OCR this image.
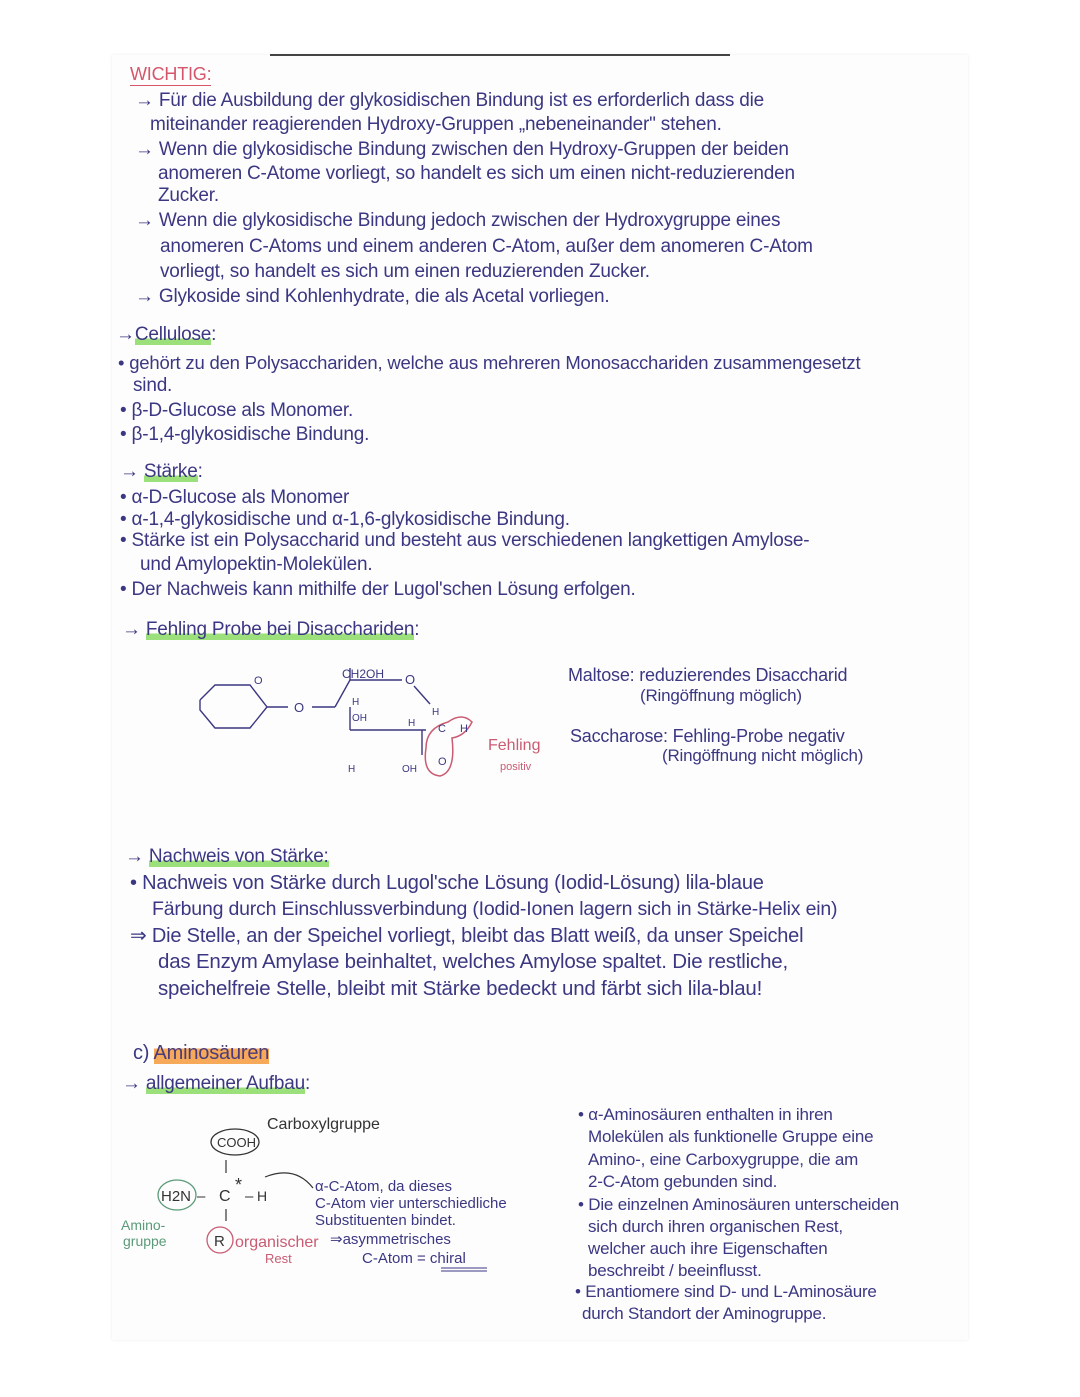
WICHTIG:
→ Für die Ausbildung der glykosidischen Bindung ist es erforderlich dass die
miteinander reagierenden Hydroxy-Gruppen „nebeneinander" stehen.
→ Wenn die glykosidische Bindung zwischen den Hydroxy-Gruppen der beiden
anomeren C-Atome vorliegt, so handelt es sich um einen nicht-reduzierenden
Zucker.
→ Wenn die glykosidische Bindung jedoch zwischen der Hydroxygruppe eines
anomeren C-Atoms und einem anderen C-Atom, außer dem anomeren C-Atom
vorliegt, so handelt es sich um einen reduzierenden Zucker.
→ Glykoside sind Kohlenhydrate, die als Acetal vorliegen.
→Cellulose:
• gehört zu den Polysacchariden, welche aus mehreren Monosacchariden zusammengesetzt
sind.
• β-D-Glucose als Monomer.
• β-1,4-glykosidische Bindung.
→ Stärke:
• α-D-Glucose als Monomer
• α-1,4-glykosidische und α-1,6-glykosidische Bindung.
• Stärke ist ein Polysaccharid und besteht aus verschiedenen langkettigen Amylose-
und Amylopektin-Molekülen.
• Der Nachweis kann mithilfe der Lugol'schen Lösung erfolgen.
→ Fehling Probe bei Disacchariden:
CH2OH
O
O
O
H
OH
H
H C H
O
H	OH
Fehling
positiv
Maltose: reduzierendes Disaccharid
(Ringöffnung möglich)
Saccharose: Fehling-Probe negativ
(Ringöffnung nicht möglich)
→ Nachweis von Stärke:
• Nachweis von Stärke durch Lugol'sche Lösung (Iodid-Lösung) lila-blaue
Färbung durch Einschlussverbindung (Iodid-Ionen lagern sich in Stärke-Helix ein)
⇒ Die Stelle, an der Speichel vorliegt, bleibt das Blatt weiß, da unser Speichel
das Enzym Amylase beinhaltet, welches Amylose spaltet. Die restliche,
speichelfreie Stelle, bleibt mit Stärke bedeckt und färbt sich lila-blau!
c) Aminosäuren
→ allgemeiner Aufbau:
COOH
Carboxylgruppe
H2N – C
*
– H
R organischer
Rest
Amino-
gruppe
α-C-Atom, da dieses
C-Atom vier unterschiedliche
Substituenten bindet.
⇒asymmetrisches
C-Atom = chiral
• α-Aminosäuren enthalten in ihren
Molekülen als funktionelle Gruppe eine
Amino-, eine Carboxygruppe, die am
2-C-Atom gebunden sind.
• Die einzelnen Aminosäuren unterscheiden
sich durch ihren organischen Rest,
welcher auch ihre Eigenschaften
beschreibt / beeinflusst.
• Enantiomere sind D- und L-Aminosäure
durch Standort der Aminogruppe.
